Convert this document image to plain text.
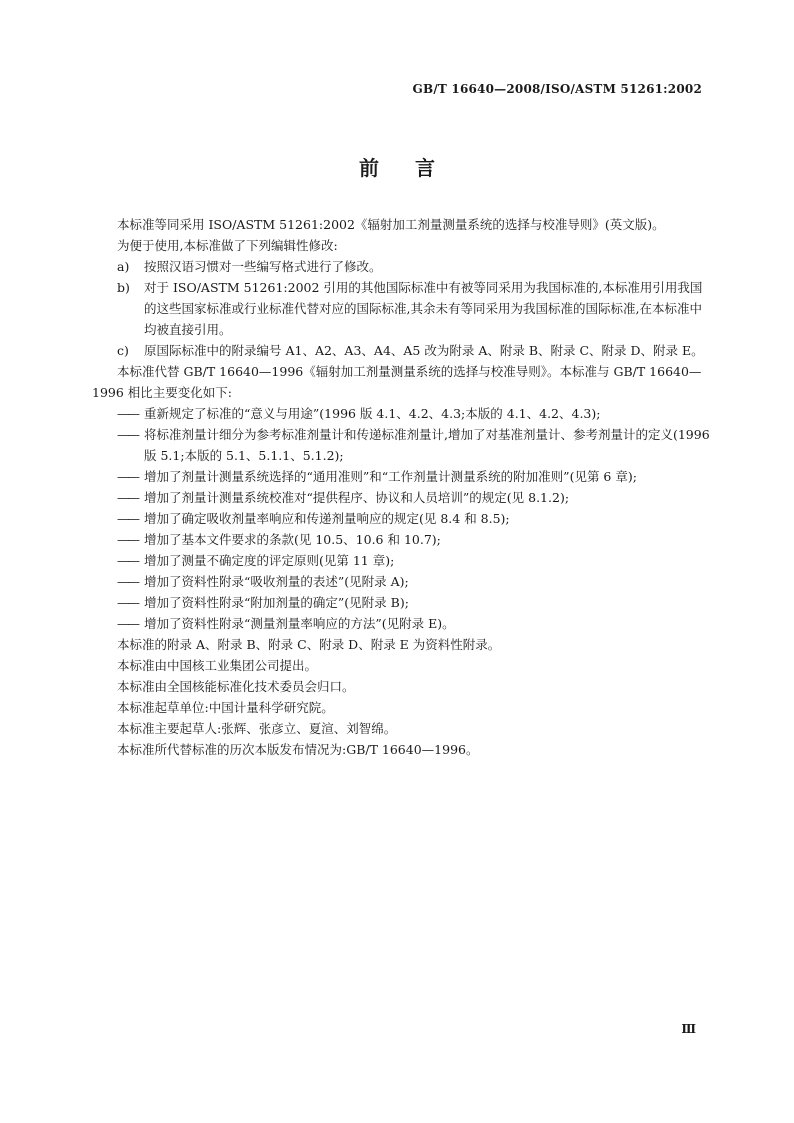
GB/T 16640—2008/ISO/ASTM 51261:2002
前言

本标准等同采用 ISO/ASTM 51261:2002《辐射加工剂量测量系统的选择与校准导则》(英文版)。

为便于使用,本标准做了下列编辑性修改:

a) 按照汉语习惯对一些编写格式进行了修改。
b) 对于 ISO/ASTM 51261:2002 引用的其他国际标准中有被等同采用为我国标准的,本标准用引用我国的这些国家标准或行业标准代替对应的国际标准,其余未有等同采用为我国标准的国际标准,在本标准中均被直接引用。
c) 原国际标准中的附录编号 A1、A2、A3、A4、A5 改为附录 A、附录 B、附录 C、附录 D、附录 E。

本标准代替 GB/T 16640—1996《辐射加工剂量测量系统的选择与校准导则》。本标准与 GB/T 16640—1996 相比主要变化如下:

—— 重新规定了标准的“意义与用途”(1996 版 4.1、4.2、4.3;本版的 4.1、4.2、4.3);
—— 将标准剂量计细分为参考标准剂量计和传递标准剂量计,增加了对基准剂量计、参考剂量计的定义(1996 版 5.1;本版的 5.1、5.1.1、5.1.2);
—— 增加了剂量计测量系统选择的“通用准则”和“工作剂量计测量系统的附加准则”(见第 6 章);
—— 增加了剂量计测量系统校准对“提供程序、协议和人员培训”的规定(见 8.1.2);
—— 增加了确定吸收剂量率响应和传递剂量响应的规定(见 8.4 和 8.5);
—— 增加了基本文件要求的条款(见 10.5、10.6 和 10.7);
—— 增加了测量不确定度的评定原则(见第 11 章);
—— 增加了资料性附录“吸收剂量的表述”(见附录 A);
—— 增加了资料性附录“附加剂量的确定”(见附录 B);
—— 增加了资料性附录“测量剂量率响应的方法”(见附录 E)。

本标准的附录 A、附录 B、附录 C、附录 D、附录 E 为资料性附录。

本标准由中国核工业集团公司提出。

本标准由全国核能标准化技术委员会归口。

本标准起草单位:中国计量科学研究院。

本标准主要起草人:张辉、张彦立、夏渲、刘智绵。

本标准所代替标准的历次本版发布情况为:GB/T 16640—1996。

Ⅲ
